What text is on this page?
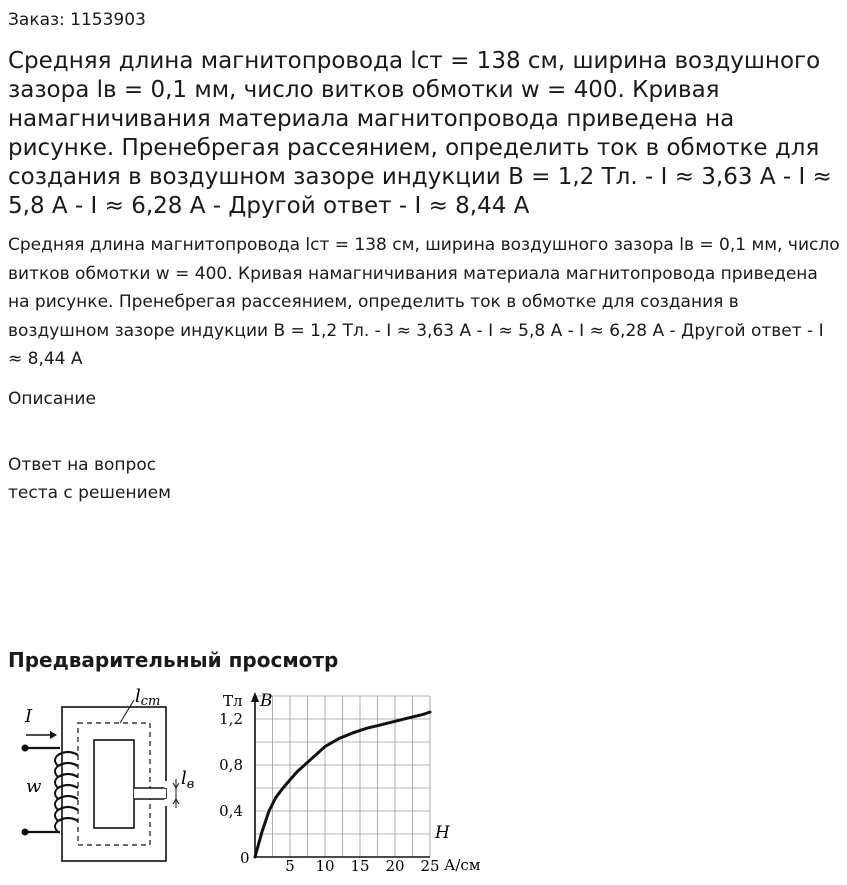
Заказ: 1153903
Средняя длина магнитопровода lст = 138 см, ширина воздушного зазора lв = 0,1 мм, число витков обмотки w = 400. Кривая намагничивания материала магнитопровода приведена на рисунке. Пренебрегая рассеянием, определить ток в обмотке для создания в воздушном зазоре индукции B = 1,2 Тл. - I ≈ 3,63 А - I ≈ 5,8 А - I ≈ 6,28 А - Другой ответ - I ≈ 8,44 А
Средняя длина магнитопровода lст = 138 см, ширина воздушного зазора lв = 0,1 мм, число витков обмотки w = 400. Кривая намагничивания материала магнитопровода приведена на рисунке. Пренебрегая рассеянием, определить ток в обмотке для создания в воздушном зазоре индукции B = 1,2 Тл. - I ≈ 3,63 А - I ≈ 5,8 А - I ≈ 6,28 А - Другой ответ - I ≈ 8,44 А
Описание
Ответ на вопрос
теста с решением
Предварительный просмотр
I
w
lст
$l_в$
5 10 15 20 25
0,4
0,8
1,2
Тл B
H
А/см
0
